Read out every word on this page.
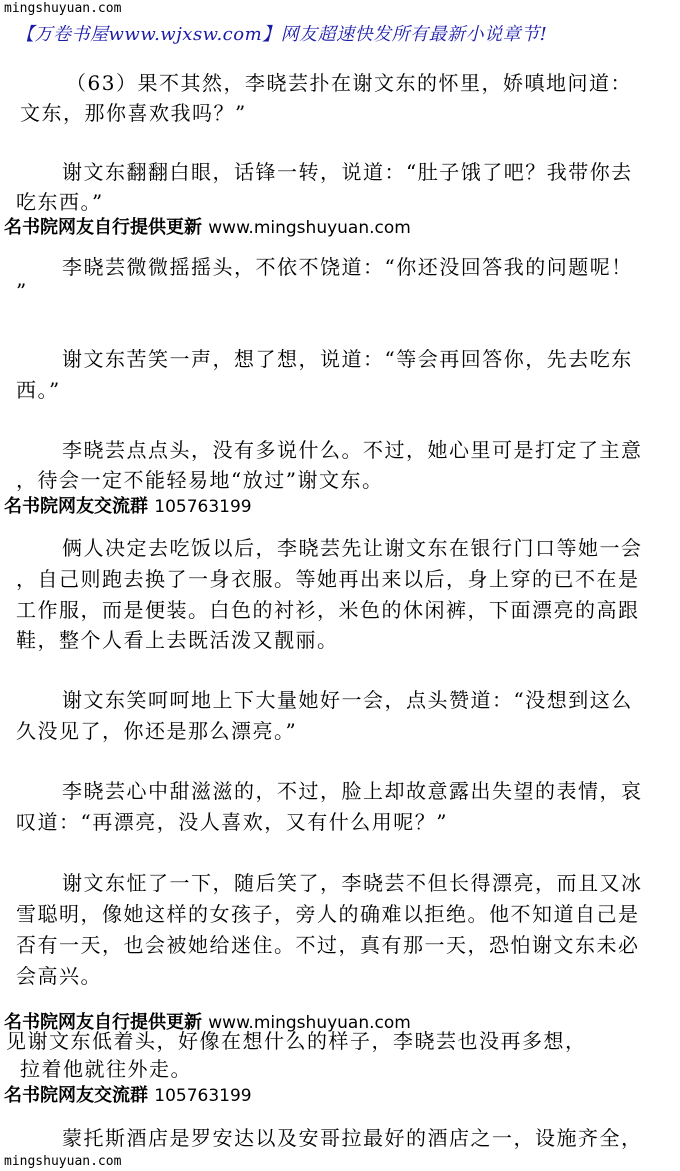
mingshuyuan.com
【万卷书屋www.wjxsw.com】网友超速快发所有最新小说章节!
（63）果不其然，李晓芸扑在谢文东的怀里，娇嗔地问道：
文东，那你喜欢我吗？”
谢文东翻翻白眼，话锋一转，说道：“肚子饿了吧？我带你去
吃东西。”
名书院网友自行提供更新 www.mingshuyuan.com
李晓芸微微摇摇头，不依不饶道：“你还没回答我的问题呢！
”
谢文东苦笑一声，想了想，说道：“等会再回答你，先去吃东
西。”
李晓芸点点头，没有多说什么。不过，她心里可是打定了主意
，待会一定不能轻易地“放过”谢文东。
名书院网友交流群 105763199
俩人决定去吃饭以后，李晓芸先让谢文东在银行门口等她一会
，自己则跑去换了一身衣服。等她再出来以后，身上穿的已不在是
工作服，而是便装。白色的衬衫，米色的休闲裤，下面漂亮的高跟
鞋，整个人看上去既活泼又靓丽。
谢文东笑呵呵地上下大量她好一会，点头赞道：“没想到这么
久没见了，你还是那么漂亮。”
李晓芸心中甜滋滋的，不过，脸上却故意露出失望的表情，哀
叹道：“再漂亮，没人喜欢，又有什么用呢？”
谢文东怔了一下，随后笑了，李晓芸不但长得漂亮，而且又冰
雪聪明，像她这样的女孩子，旁人的确难以拒绝。他不知道自己是
否有一天，也会被她给迷住。不过，真有那一天，恐怕谢文东未必
会高兴。
名书院网友自行提供更新 www.mingshuyuan.com
见谢文东低着头，好像在想什么的样子，李晓芸也没再多想，
拉着他就往外走。
名书院网友交流群 105763199
蒙托斯酒店是罗安达以及安哥拉最好的酒店之一，设施齐全，
mingshuyuan.com
